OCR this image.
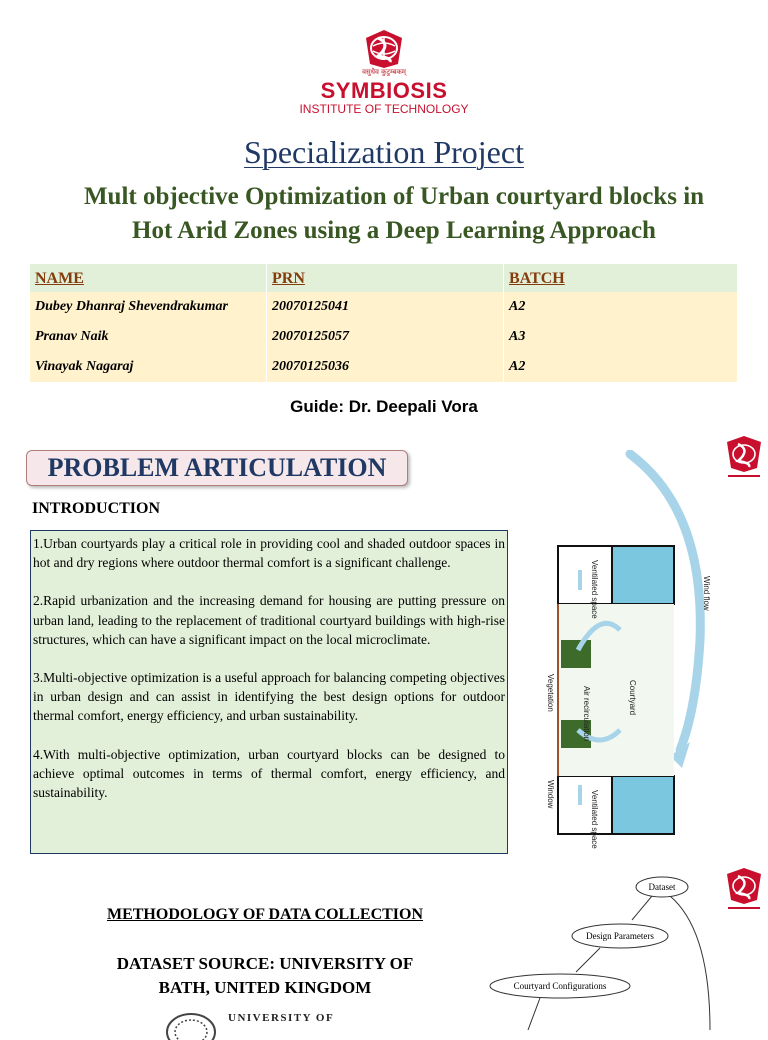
वसुधैव कुटुम्बकम्
SYMBIOSIS
INSTITUTE OF TECHNOLOGY
Specialization Project
Mult objective Optimization of Urban courtyard blocks in
Hot Arid Zones using a Deep Learning Approach
NAME	PRN	BATCH
Dubey Dhanraj Shevendrakumar	20070125041	A2
Pranav Naik	20070125057	A3
Vinayak Nagaraj	20070125036	A2
Guide: Dr. Deepali Vora
PROBLEM ARTICULATION
INTRODUCTION

1.Urban courtyards play a critical role in providing cool and shaded outdoor spaces in hot and dry regions where outdoor thermal comfort is a significant challenge.

2.Rapid urbanization and the increasing demand for housing are putting pressure on urban land, leading to the replacement of traditional courtyard buildings with high-rise structures, which can have a significant impact on the local microclimate.

3.Multi-objective optimization is a useful approach for balancing competing objectives in urban design and can assist in identifying the best design options for outdoor thermal comfort, energy efficiency, and urban sustainability.

4.With multi-objective optimization, urban courtyard blocks can be designed to achieve optimal outcomes in terms of thermal comfort, energy efficiency, and sustainability.

Ventilated space
Ventilated space
Vegetation	Air recirculation	Courtyard
Wind flow
Window
METHODOLOGY OF DATA COLLECTION
DATASET SOURCE: UNIVERSITY OF
BATH, UNITED KINGDOM
UNIVERSITY OF
Dataset
Design Parameters
Courtyard Configurations
